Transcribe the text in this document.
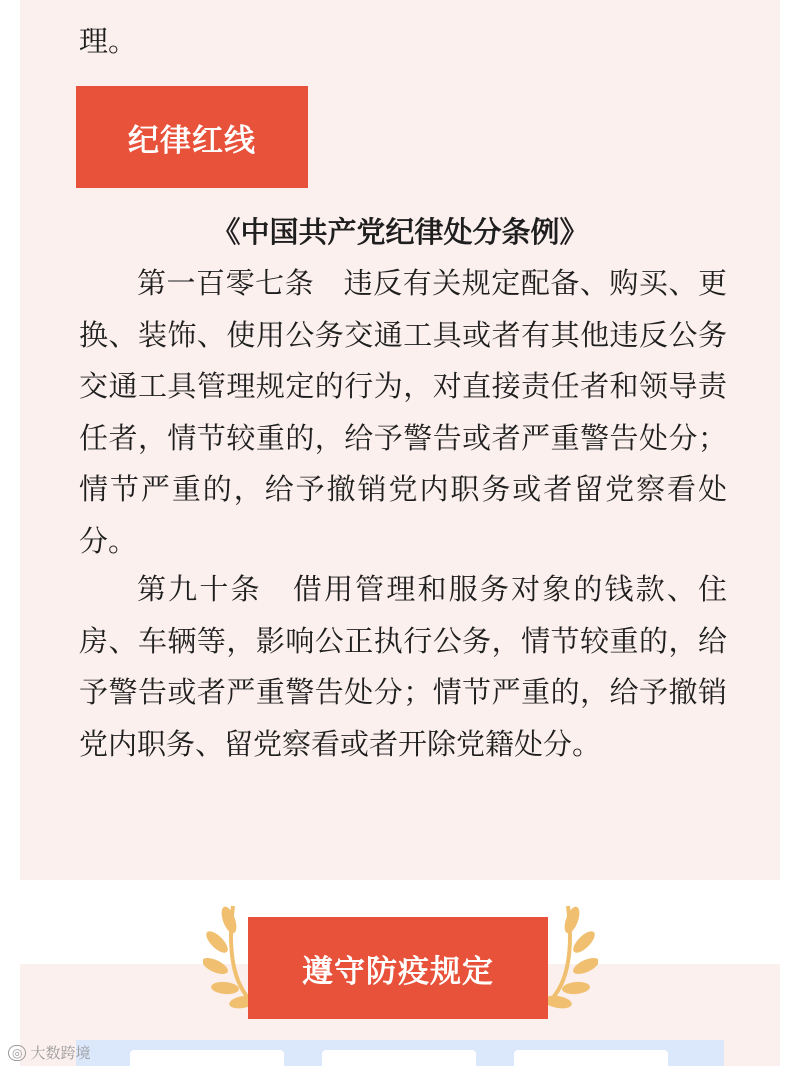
理。
纪律红线
《中国共产党纪律处分条例》

第一百零七条　违反有关规定配备、购买、更换、装饰、使用公务交通工具或者有其他违反公务交通工具管理规定的行为，对直接责任者和领导责任者，情节较重的，给予警告或者严重警告处分；情节严重的，给予撤销党内职务或者留党察看处分。

第九十条　借用管理和服务对象的钱款、住房、车辆等，影响公正执行公务，情节较重的，给予警告或者严重警告处分；情节严重的，给予撤销党内职务、留党察看或者开除党籍处分。

遵守防疫规定
◎ 大数跨境
